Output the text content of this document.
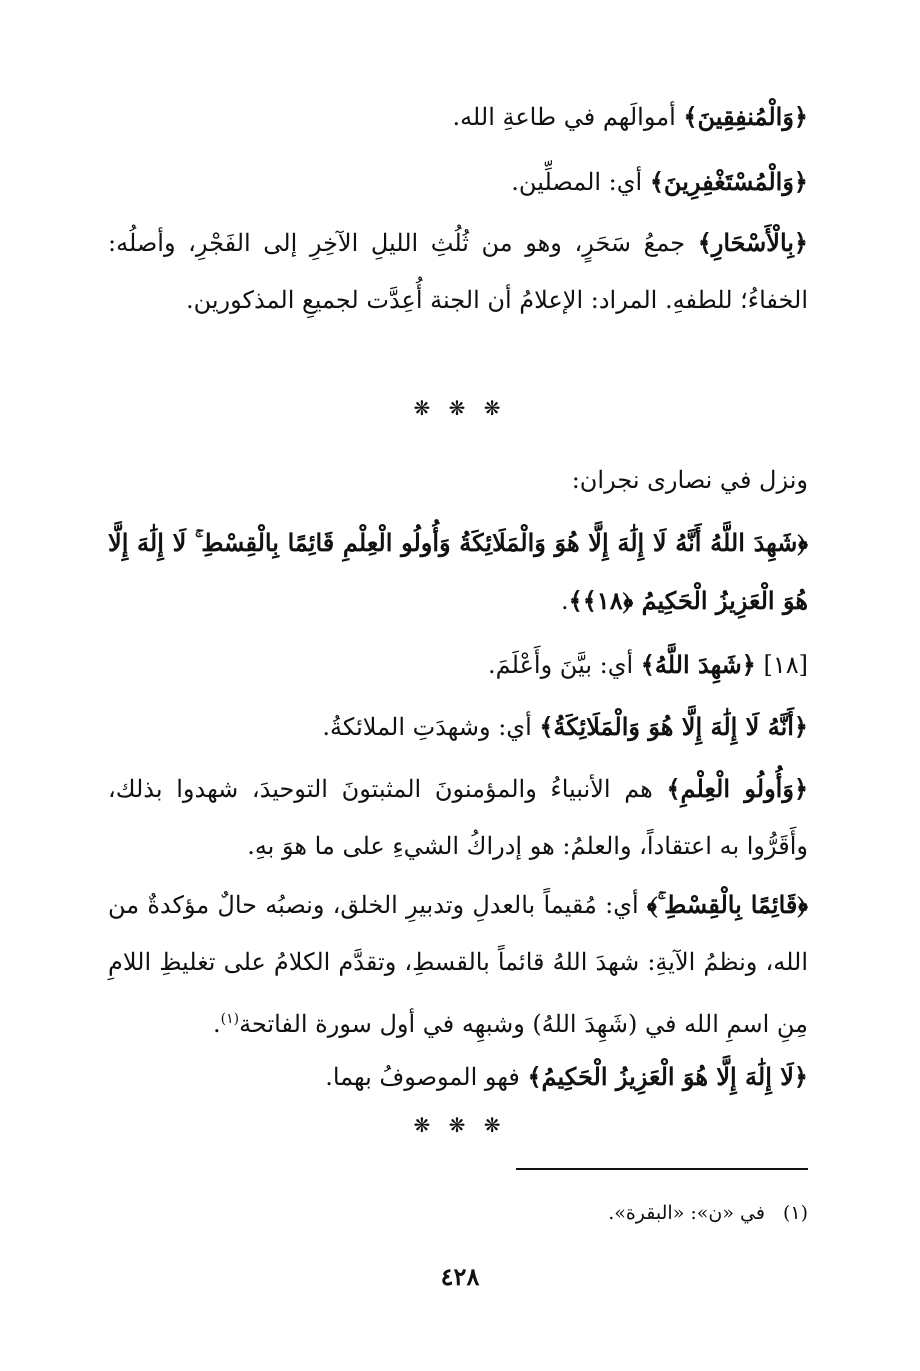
﴿وَالْمُنفِقِينَ﴾ أموالَهم في طاعةِ الله.

﴿وَالْمُسْتَغْفِرِينَ﴾ أي: المصلِّين.

﴿بِالْأَسْحَارِ﴾ جمعُ سَحَرٍ، وهو من ثُلُثِ الليلِ الآخِرِ إلى الفَجْرِ، وأصلُه: الخفاءُ؛ للطفهِ. المراد: الإعلامُ أن الجنة أُعِدَّت لجميعِ المذكورين.

❋ ❋ ❋

ونزل في نصارى نجران:

﴿شَهِدَ اللَّهُ أَنَّهُ لَا إِلَٰهَ إِلَّا هُوَ وَالْمَلَائِكَةُ وَأُولُو الْعِلْمِ قَائِمًا بِالْقِسْطِ ۚ لَا إِلَٰهَ إِلَّا هُوَ الْعَزِيزُ الْحَكِيمُ ﴿١٨﴾﴾.

[١٨] ﴿شَهِدَ اللَّهُ﴾ أي: بيَّنَ وأَعْلَمَ.

﴿أَنَّهُ لَا إِلَٰهَ إِلَّا هُوَ وَالْمَلَائِكَةُ﴾ أي: وشهدَتِ الملائكةُ.

﴿وَأُولُو الْعِلْمِ﴾ هم الأنبياءُ والمؤمنونَ المثبتونَ التوحيدَ، شهدوا بذلك، وأَقَرُّوا به اعتقاداً، والعلمُ: هو إدراكُ الشيءِ على ما هوَ بهِ.

﴿قَائِمًا بِالْقِسْطِ ۚ﴾ أي: مُقيماً بالعدلِ وتدبيرِ الخلق، ونصبُه حالٌ مؤكدةٌ من الله، ونظمُ الآيةِ: شهدَ اللهُ قائماً بالقسطِ، وتقدَّم الكلامُ على تغليظِ اللامِ مِنِ اسمِ الله في (شَهِدَ اللهُ) وشبهِه في أول سورة الفاتحة$^{(١)}$.

﴿لَا إِلَٰهَ إِلَّا هُوَ الْعَزِيزُ الْحَكِيمُ﴾ فهو الموصوفُ بهما.

❋ ❋ ❋
(١)في «ن»: «البقرة».
٤٢٨
